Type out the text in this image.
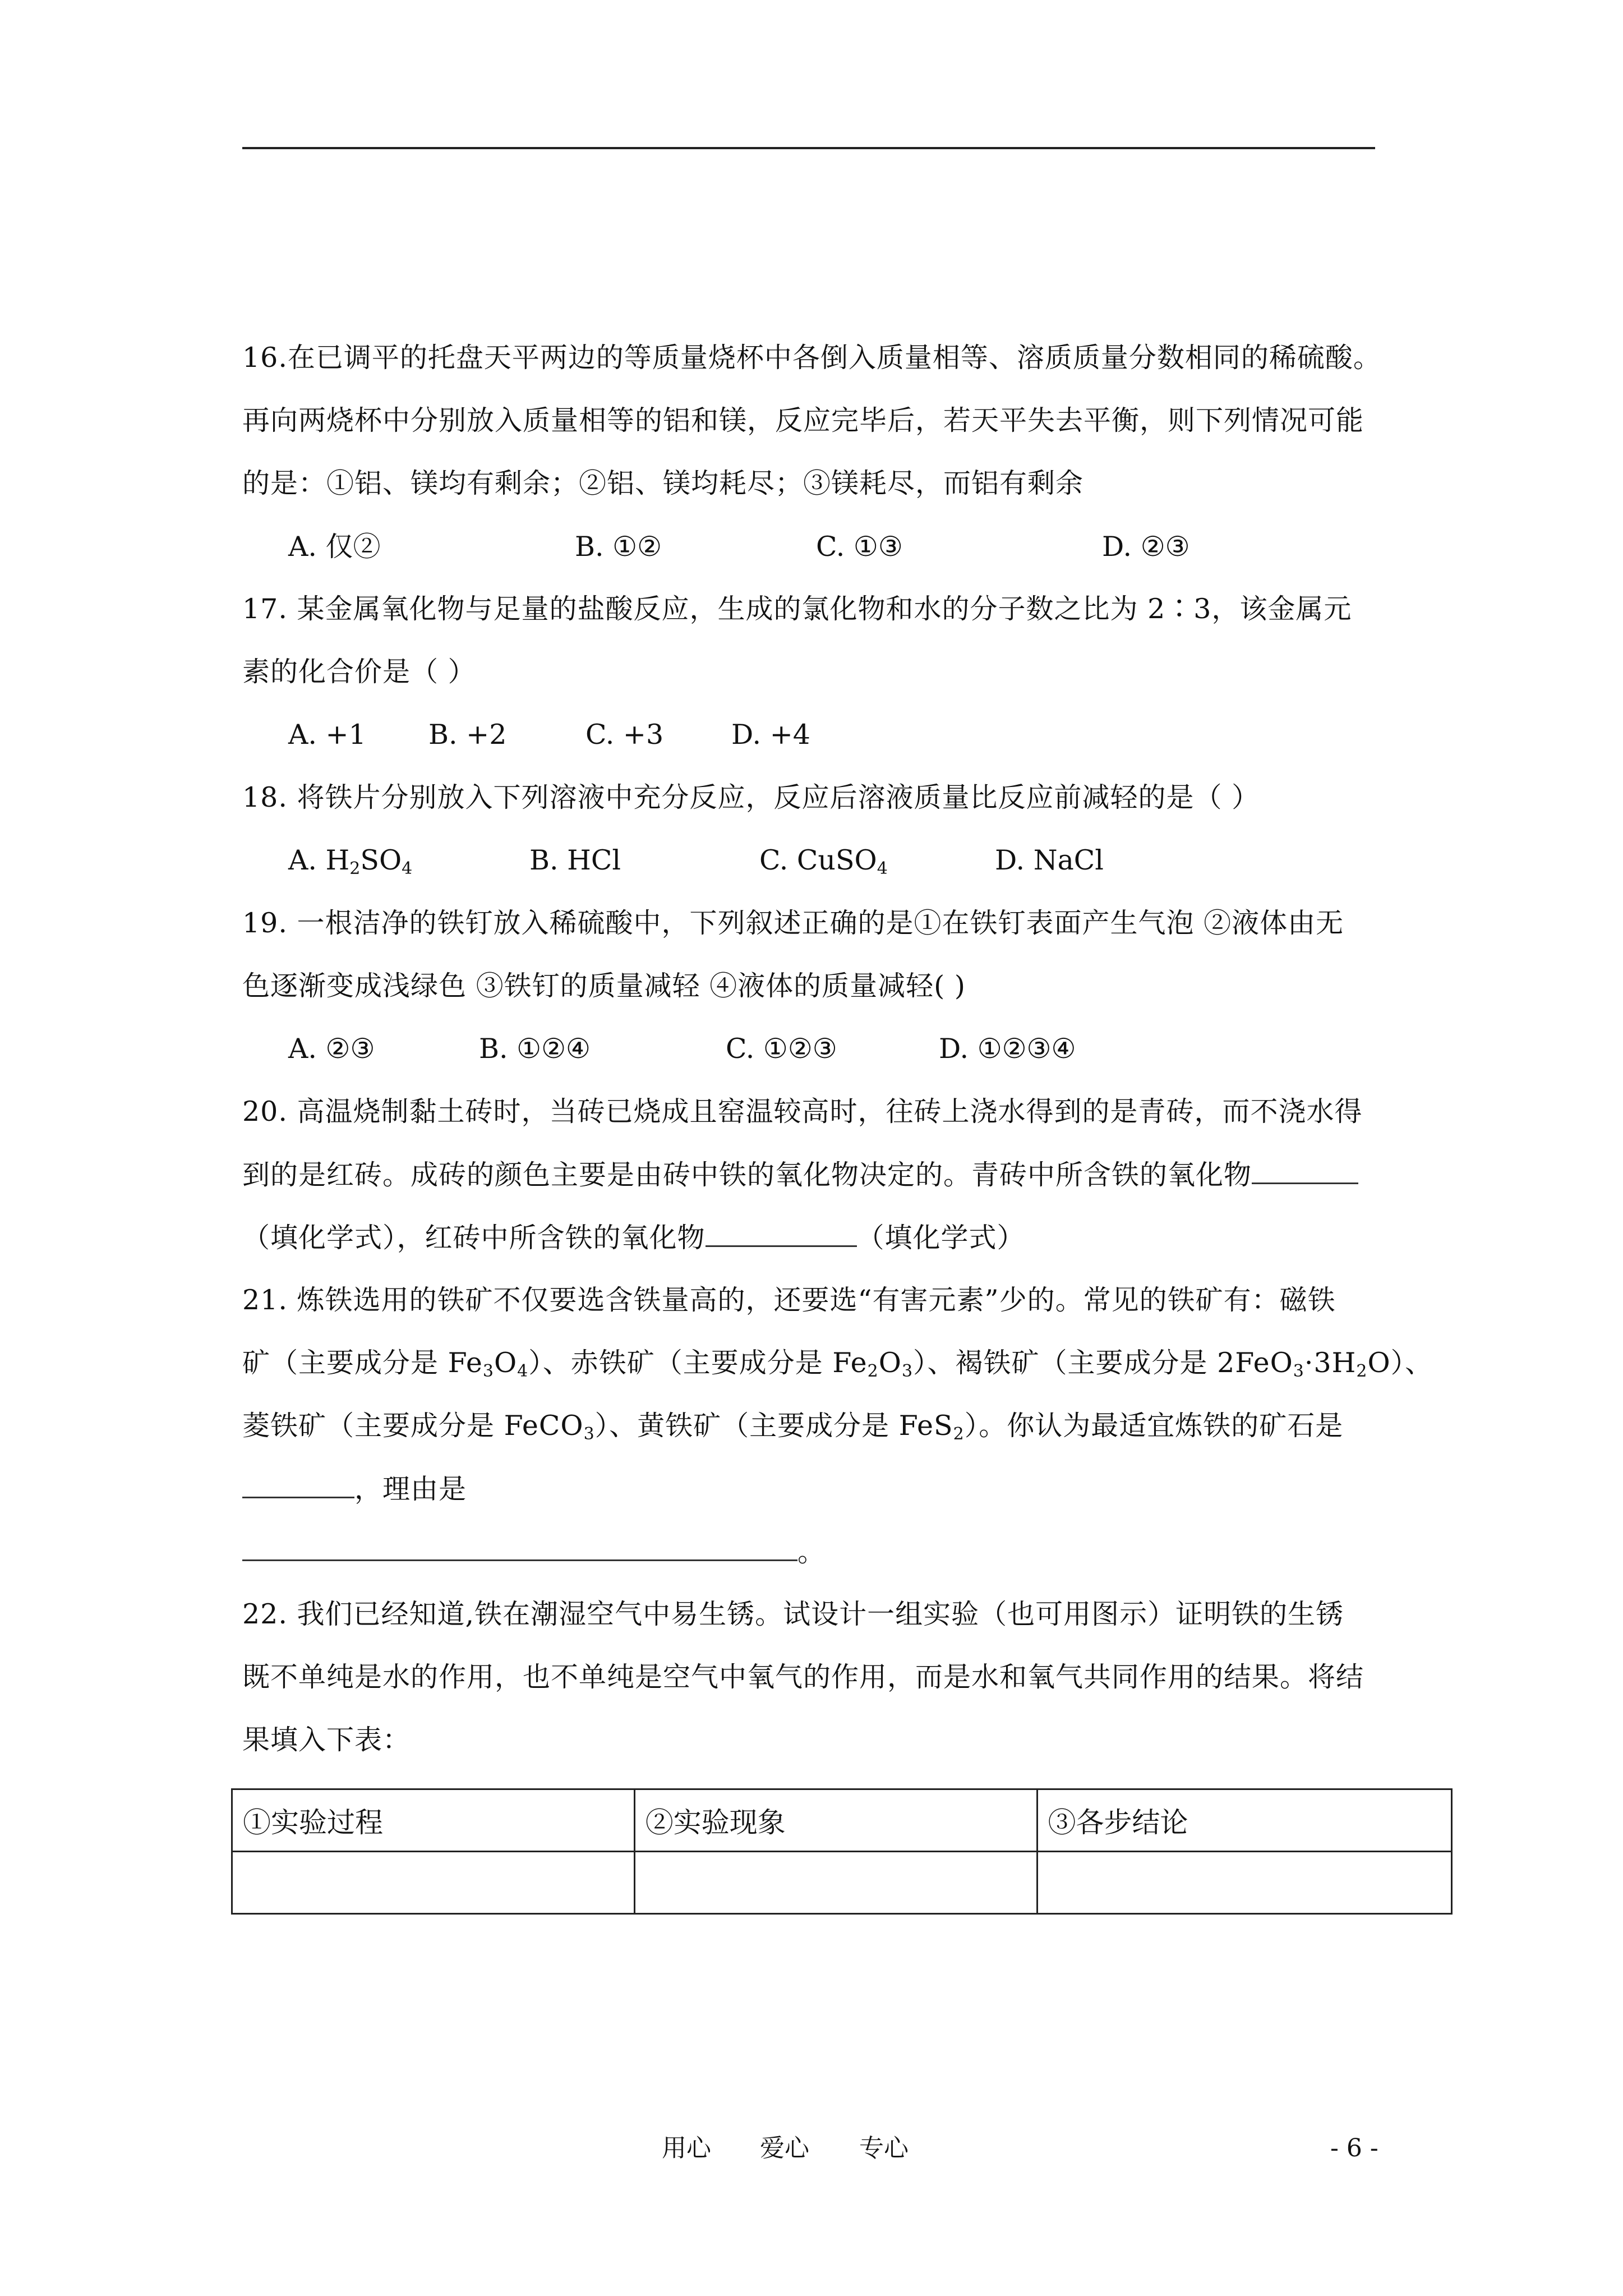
16.在已调平的托盘天平两边的等质量烧杯中各倒入质量相等、溶质质量分数相同的稀硫酸。
再向两烧杯中分别放入质量相等的铝和镁，反应完毕后，若天平失去平衡，则下列情况可能
的是：①铝、镁均有剩余；②铝、镁均耗尽；③镁耗尽，而铝有剩余
A. 仅②	B. ①②	C. ①③	D. ②③
17. 某金属氧化物与足量的盐酸反应，生成的氯化物和水的分子数之比为 2∶3，该金属元
素的化合价是（ ）
A. +1 B. +2	C. +3 D. +4
18. 将铁片分别放入下列溶液中充分反应，反应后溶液质量比反应前减轻的是（ ）
A. $H_2SO_4$	B. HCl	C. CuSO$_4$	D. NaCl
19. 一根洁净的铁钉放入稀硫酸中，下列叙述正确的是①在铁钉表面产生气泡 ②液体由无
色逐渐变成浅绿色 ③铁钉的质量减轻 ④液体的质量减轻( )
A. ②③	B. ①②④	C. ①②③	D. ①②③④
20. 高温烧制黏土砖时，当砖已烧成且窑温较高时，往砖上浇水得到的是青砖，而不浇水得
到的是红砖。成砖的颜色主要是由砖中铁的氧化物决定的。青砖中所含铁的氧化物
（填化学式），红砖中所含铁的氧化物	（填化学式）
21. 炼铁选用的铁矿不仅要选含铁量高的，还要选“有害元素”少的。常见的铁矿有：磁铁
矿（主要成分是 $Fe_3O_4$）、赤铁矿（主要成分是 $Fe_2O_3$）、褐铁矿（主要成分是 $2FeO_3\cdot 3H_2O$）、
菱铁矿（主要成分是 FeCO$_3$）、黄铁矿（主要成分是 FeS$_2$）。你认为最适宜炼铁的矿石是
，理由是
。
22. 我们已经知道,铁在潮湿空气中易生锈。试设计一组实验（也可用图示）证明铁的生锈
既不单纯是水的作用，也不单纯是空气中氧气的作用，而是水和氧气共同作用的结果。将结
果填入下表：
①实验过程	②实验现象	③各步结论

用心 爱心 专心	- 6 -
